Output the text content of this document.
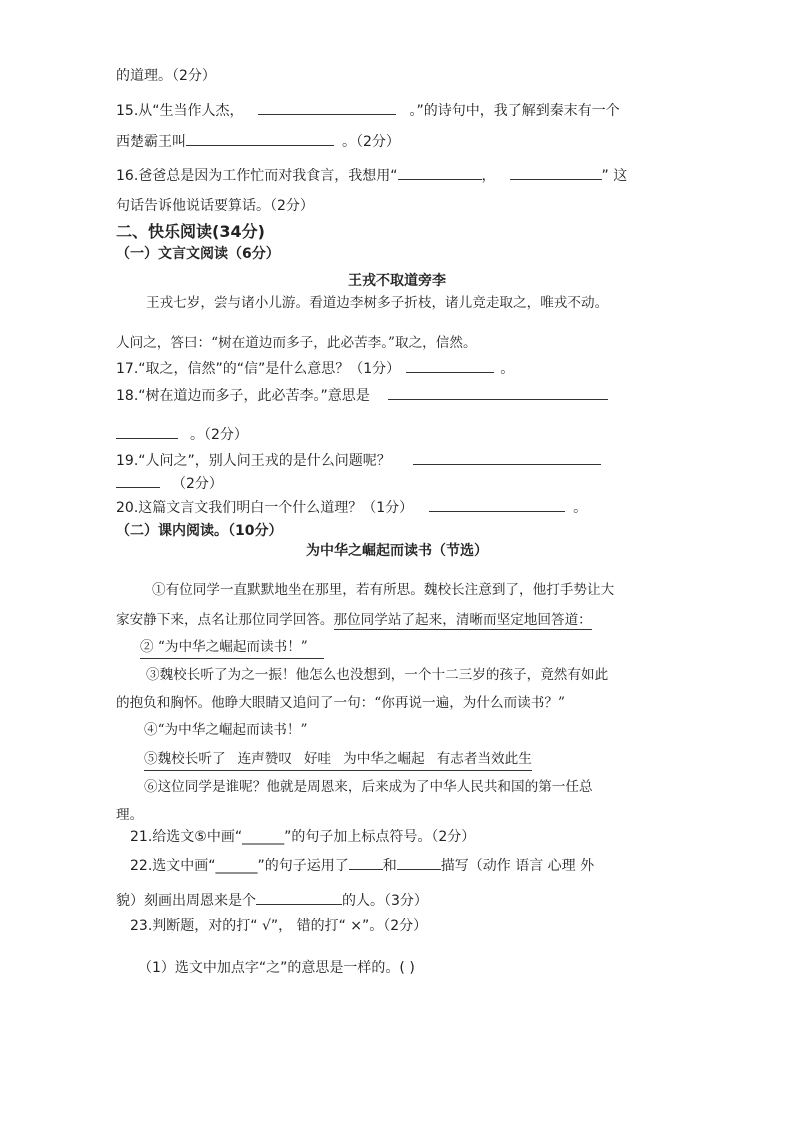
的道理。（2分）
15.从“生当作人杰，	。”的诗句中，我了解到秦末有一个
西楚霸王叫	。（2分）
16.爸爸总是因为工作忙而对我食言，我想用“	，	” 这
句话告诉他说话要算话。（2分）
二、快乐阅读(34分)
（一）文言文阅读（6分）
王戎不取道旁李
王戎七岁，尝与诸小儿游。看道边李树多子折枝，诸儿竞走取之，唯戎不动。
人问之，答曰：“树在道边而多子，此必苦李。”取之，信然。
17.“取之，信然”的“信”是什么意思？（1分）	。
18.“树在道边而多子，此必苦李。”意思是
。（2分）
19.“人问之”，别人问王戎的是什么问题呢？
（2分）
20.这篇文言文我们明白一个什么道理？（1分）	。
（二）课内阅读。（10分）
为中华之崛起而读书（节选）
①有位同学一直默默地坐在那里，若有所思。魏校长注意到了，他打手势让大
家安静下来，点名让那位同学回答。那位同学站了起来，清晰而坚定地回答道：
② “为中华之崛起而读书！”
③魏校长听了为之一振！他怎么也没想到，一个十二三岁的孩子，竟然有如此
的抱负和胸怀。他睁大眼睛又追问了一句：“你再说一遍，为什么而读书？”
④“为中华之崛起而读书！”
⑤魏校长听了 连声赞叹 好哇 为中华之崛起 有志者当效此生
⑥这位同学是谁呢？他就是周恩来，后来成为了中华人民共和国的第一任总
理。
21.给选文⑤中画“______”的句子加上标点符号。（2分）
22.选文中画“______”的句子运用了 和	描写（动作 语言 心理 外
貌）刻画出周恩来是个	的人。（3分）
23.判断题，对的打“ √”， 错的打“ ×”。（2分）
（1）选文中加点字“之”的意思是一样的。( )
